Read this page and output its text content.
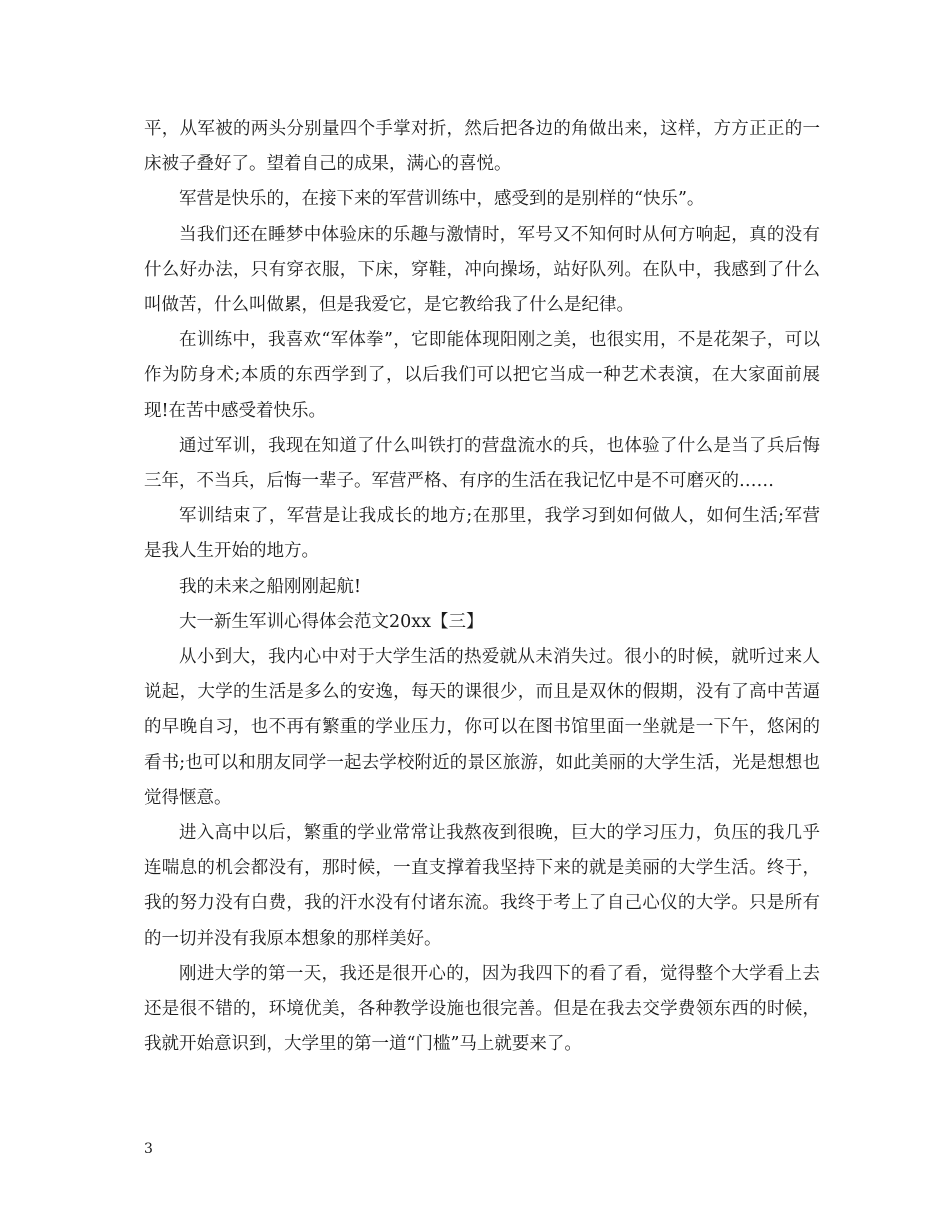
平，从军被的两头分别量四个手掌对折，然后把各边的角做出来，这样，方方正正的一床被子叠好了。望着自己的成果，满心的喜悦。

军营是快乐的，在接下来的军营训练中，感受到的是别样的“快乐”。

当我们还在睡梦中体验床的乐趣与激情时，军号又不知何时从何方响起，真的没有什么好办法，只有穿衣服，下床，穿鞋，冲向操场，站好队列。在队中，我感到了什么叫做苦，什么叫做累，但是我爱它，是它教给我了什么是纪律。

在训练中，我喜欢“军体拳”，它即能体现阳刚之美，也很实用，不是花架子，可以作为防身术;本质的东西学到了，以后我们可以把它当成一种艺术表演，在大家面前展现!在苦中感受着快乐。

通过军训，我现在知道了什么叫铁打的营盘流水的兵，也体验了什么是当了兵后悔三年，不当兵，后悔一辈子。军营严格、有序的生活在我记忆中是不可磨灭的……

军训结束了，军营是让我成长的地方;在那里，我学习到如何做人，如何生活;军营是我人生开始的地方。

我的未来之船刚刚起航!

大一新生军训心得体会范文20xx【三】

从小到大，我内心中对于大学生活的热爱就从未消失过。很小的时候，就听过来人说起，大学的生活是多么的安逸，每天的课很少，而且是双休的假期，没有了高中苦逼的早晚自习，也不再有繁重的学业压力，你可以在图书馆里面一坐就是一下午，悠闲的看书;也可以和朋友同学一起去学校附近的景区旅游，如此美丽的大学生活，光是想想也觉得惬意。

进入高中以后，繁重的学业常常让我熬夜到很晚，巨大的学习压力，负压的我几乎连喘息的机会都没有，那时候，一直支撑着我坚持下来的就是美丽的大学生活。终于，我的努力没有白费，我的汗水没有付诸东流。我终于考上了自己心仪的大学。只是所有的一切并没有我原本想象的那样美好。

刚进大学的第一天，我还是很开心的，因为我四下的看了看，觉得整个大学看上去还是很不错的，环境优美，各种教学设施也很完善。但是在我去交学费领东西的时候，我就开始意识到，大学里的第一道“门槛”马上就要来了。

3
